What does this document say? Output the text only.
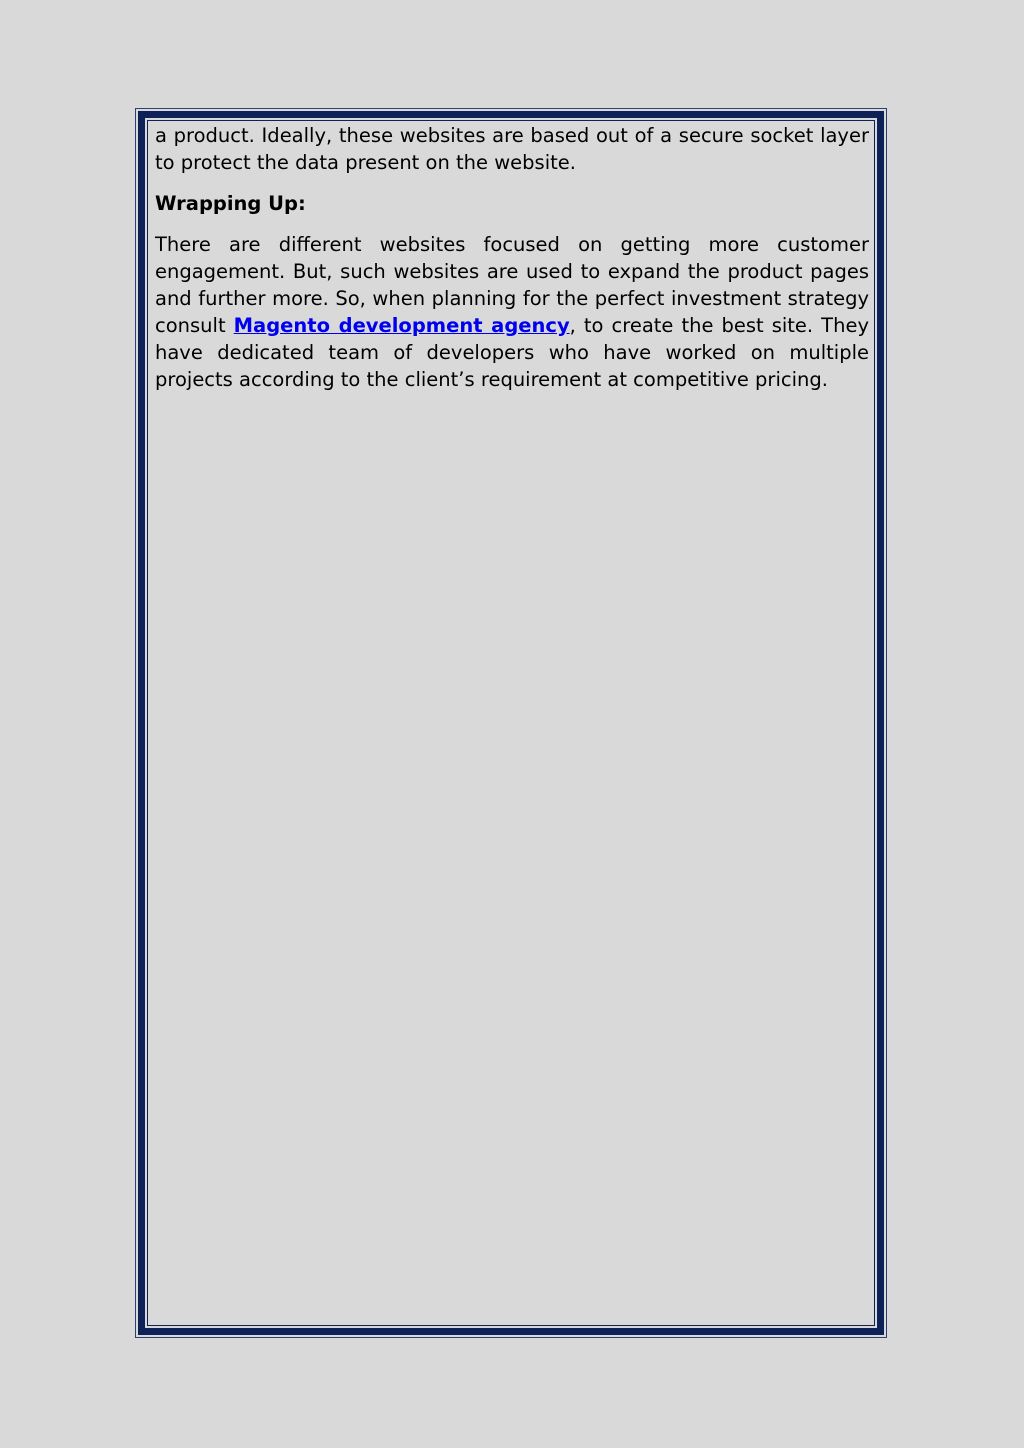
a product. Ideally, these websites are based out of a secure socket layer to protect the data present on the website.

Wrapping Up:

There are different websites focused on getting more customer engagement. But, such websites are used to expand the product pages and further more. So, when planning for the perfect investment strategy consult Magento development agency, to create the best site. They have dedicated team of developers who have worked on multiple projects according to the client’s requirement at competitive pricing.
